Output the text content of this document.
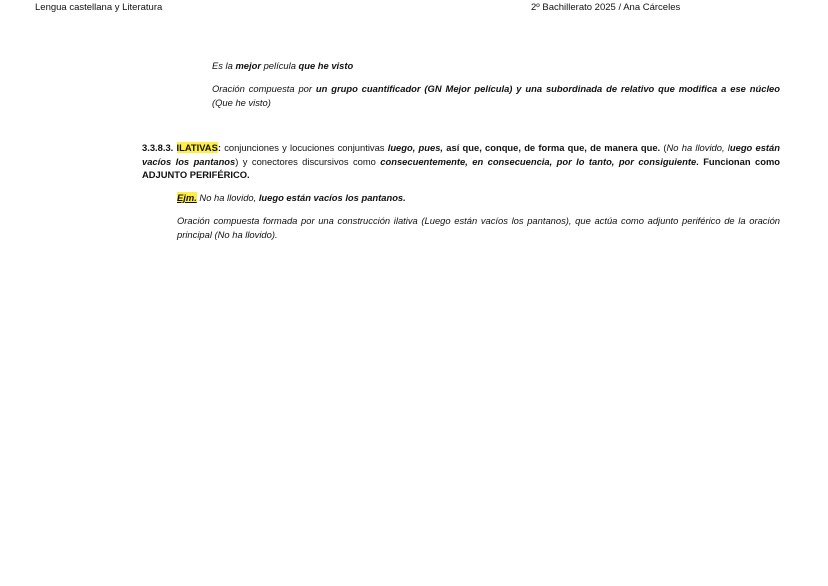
Lengua castellana y Literatura	2º Bachillerato 2025 / Ana Cárceles
Es la mejor película que he visto
Oración compuesta por un grupo cuantificador (GN Mejor película) y una subordinada de relativo que modifica a ese núcleo (Que he visto)
3.3.8.3. ILATIVAS: conjunciones y locuciones conjuntivas luego, pues, así que, conque, de forma que, de manera que. (No ha llovido, luego están vacíos los pantanos) y conectores discursivos como consecuentemente, en consecuencia, por lo tanto, por consiguiente. Funcionan como ADJUNTO PERIFÉRICO.
Ejm. No ha llovido, luego están vacíos los pantanos.
Oración compuesta formada por una construcción ilativa (Luego están vacíos los pantanos), que actúa como adjunto periférico de la oración principal (No ha llovido).
